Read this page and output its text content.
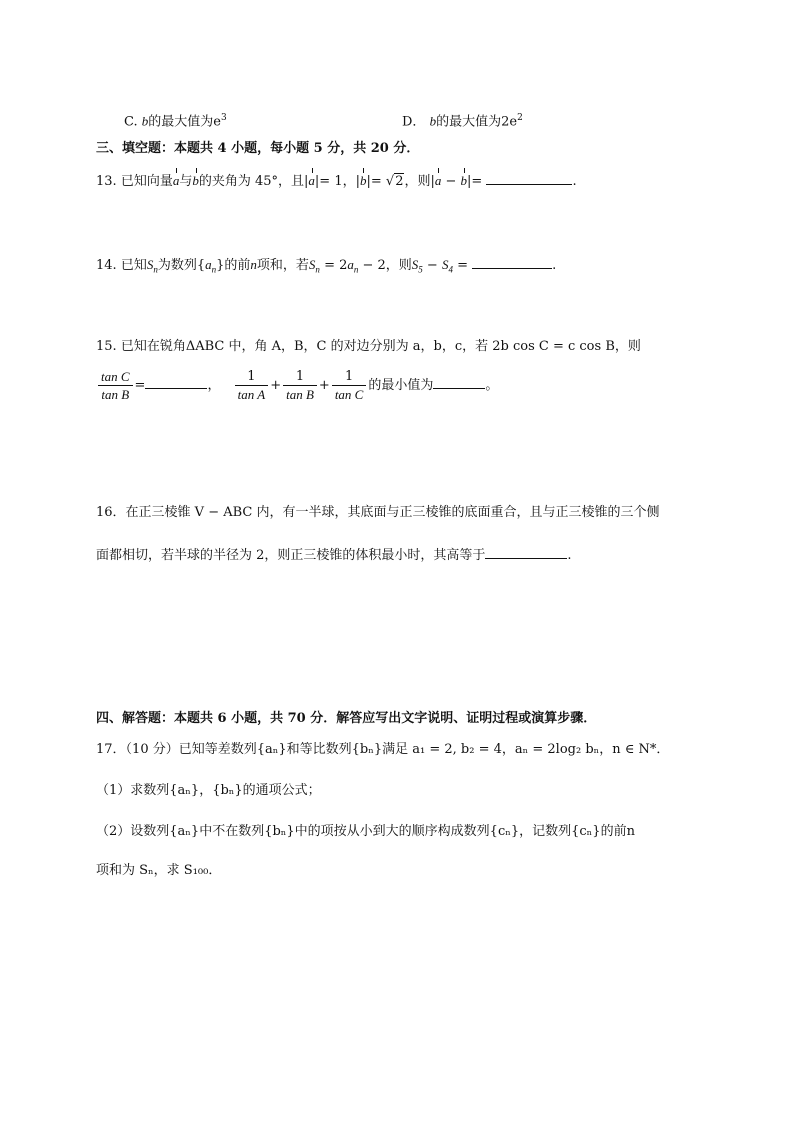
C. b的最大值为$e^3$	D． b的最大值为$2e^2$
三、填空题：本题共 4 小题，每小题 5 分，共 20 分．
13. 已知向量a与b的夹角为 45°，且|a|= 1，|b|= √2，则|a − b|=	.
14. 已知$S_n$为数列$\{a_n\}$的前n项和，若$S_n = 2a_n - 2$，则$S_5 - S_4$ =	.
15. 已知在锐角ΔABC 中，角 A，B，C 的对边分别为 a，b，c，若 2b cos C = c cos B，则
$\frac{\text{tan C}}{\text{tan B}}$ =	， $\frac{1}{\text{tan A}} + \frac{1}{\text{tan B}} + \frac{1}{\text{tan C}}$ 的最小值为	。
16．在正三棱锥 V − ABC 内，有一半球，其底面与正三棱锥的底面重合，且与正三棱锥的三个侧
面都相切，若半球的半径为 2，则正三棱锥的体积最小时，其高等于	.
四、解答题：本题共 6 小题，共 70 分．解答应写出文字说明、证明过程或演算步骤．
17．（10 分）已知等差数列{aₙ}和等比数列{bₙ}满足 a₁ = 2, b₂ = 4，aₙ = 2log₂ bₙ，n ∈ N*．
（1）求数列{aₙ}，{bₙ}的通项公式；
（2）设数列{aₙ}中不在数列{bₙ}中的项按从小到大的顺序构成数列{cₙ}，记数列{cₙ}的前n
项和为 Sₙ，求 S₁₀₀．
